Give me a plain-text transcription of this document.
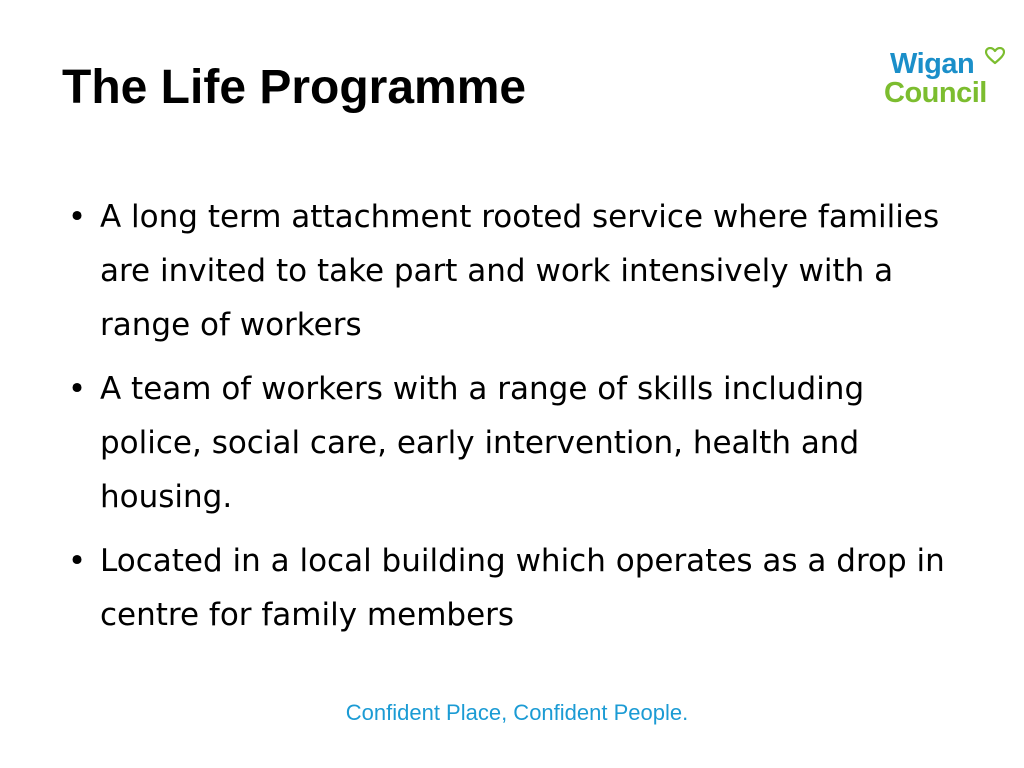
The Life Programme	Wigan
Council
• A long term attachment rooted service where families are invited to take part and work intensively with a range of workers
• A team of workers with a range of skills including police, social care, early intervention, health and housing.
• Located in a local building which operates as a drop in centre for family members
Confident Place, Confident People.
